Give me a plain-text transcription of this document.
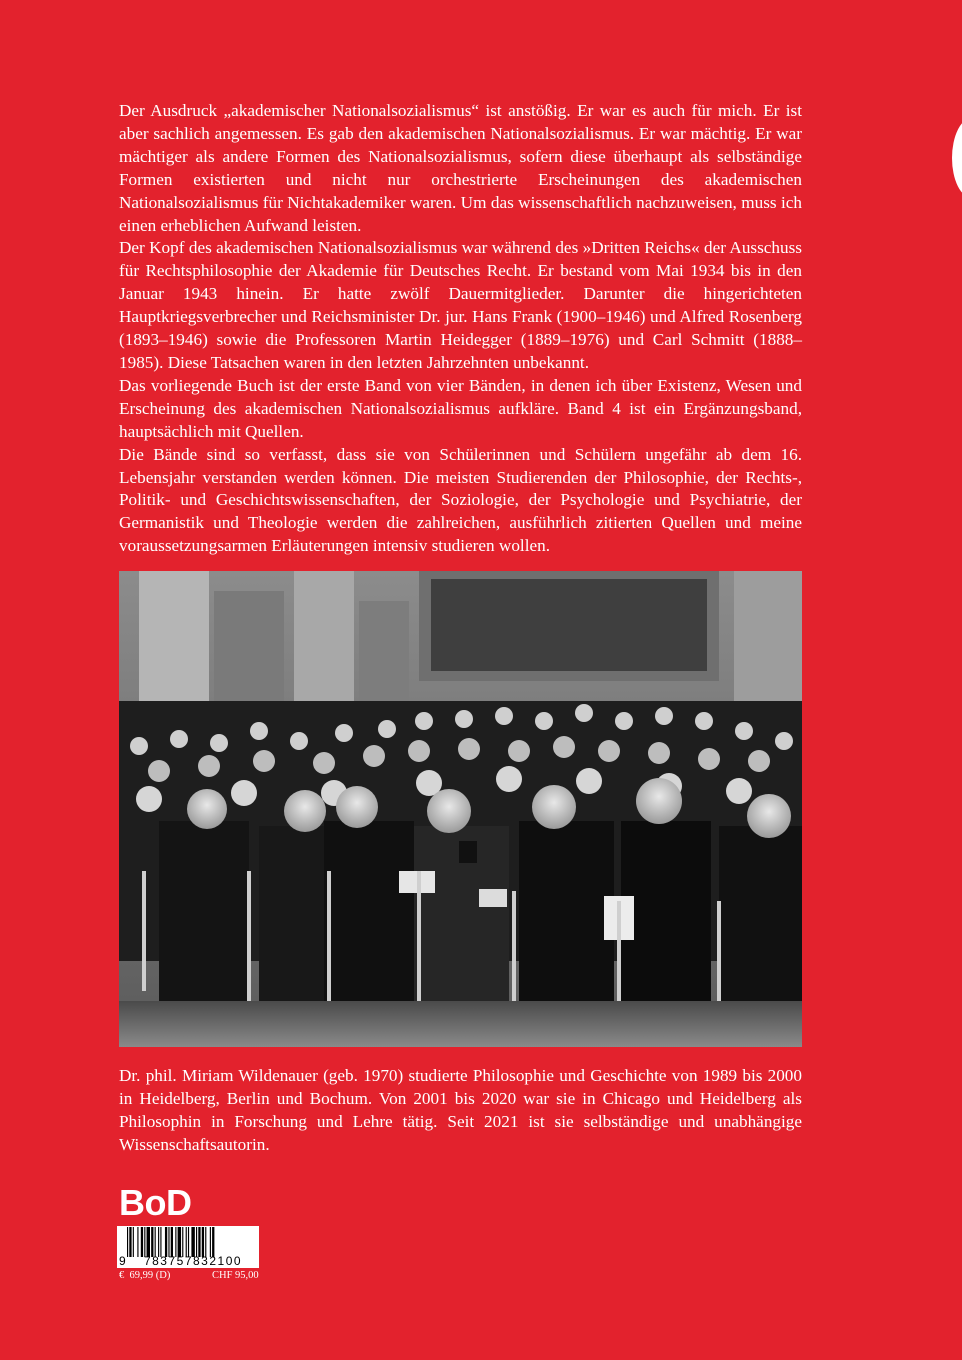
Der Ausdruck „akademischer Nationalsozialismus“ ist anstößig. Er war es auch für mich. Er ist aber sachlich angemessen. Es gab den akademischen Nationalsozialismus. Er war mächtig. Er war mächtiger als andere Formen des Nationalsozialismus, sofern diese überhaupt als selbständige Formen existierten und nicht nur orchestrierte Erscheinungen des akademischen Nationalsozialismus für Nichtakademiker waren. Um das wissenschaftlich nachzuweisen, muss ich einen erheblichen Aufwand leisten.

Der Kopf des akademischen Nationalsozialismus war während des »Dritten Reichs« der Ausschuss für Rechtsphilosophie der Akademie für Deutsches Recht. Er bestand vom Mai 1934 bis in den Januar 1943 hinein. Er hatte zwölf Dauermitglieder. Darunter die hingerichteten Hauptkriegsverbrecher und Reichsminister Dr. jur. Hans Frank (1900–1946) und Alfred Rosenberg (1893–1946) sowie die Professoren Martin Heidegger (1889–1976) und Carl Schmitt (1888–1985). Diese Tatsachen waren in den letzten Jahrzehnten unbekannt.

Das vorliegende Buch ist der erste Band von vier Bänden, in denen ich über Existenz, Wesen und Erscheinung des akademischen Nationalsozialismus aufkläre. Band 4 ist ein Ergänzungsband, hauptsächlich mit Quellen.

Die Bände sind so verfasst, dass sie von Schülerinnen und Schülern ungefähr ab dem 16. Lebensjahr verstanden werden können. Die meisten Studierenden der Philosophie, der Rechts-, Politik- und Geschichtswissenschaften, der Soziologie, der Psychologie und Psychiatrie, der Germanistik und Theologie werden die zahlreichen, ausführlich zitierten Quellen und meine voraussetzungsarmen Erläuterungen intensiv studieren wollen.

Dr. phil. Miriam Wildenauer (geb. 1970) studierte Philosophie und Geschichte von 1989 bis 2000 in Heidelberg, Berlin und Bochum. Von 2001 bis 2020 war sie in Chicago und Heidelberg als Philosophin in Forschung und Lehre tätig. Seit 2021 ist sie selbständige und unabhängige Wissenschaftsautorin.
BoD
9	783757832100
€  69,99 (D)	CHF 95,00
